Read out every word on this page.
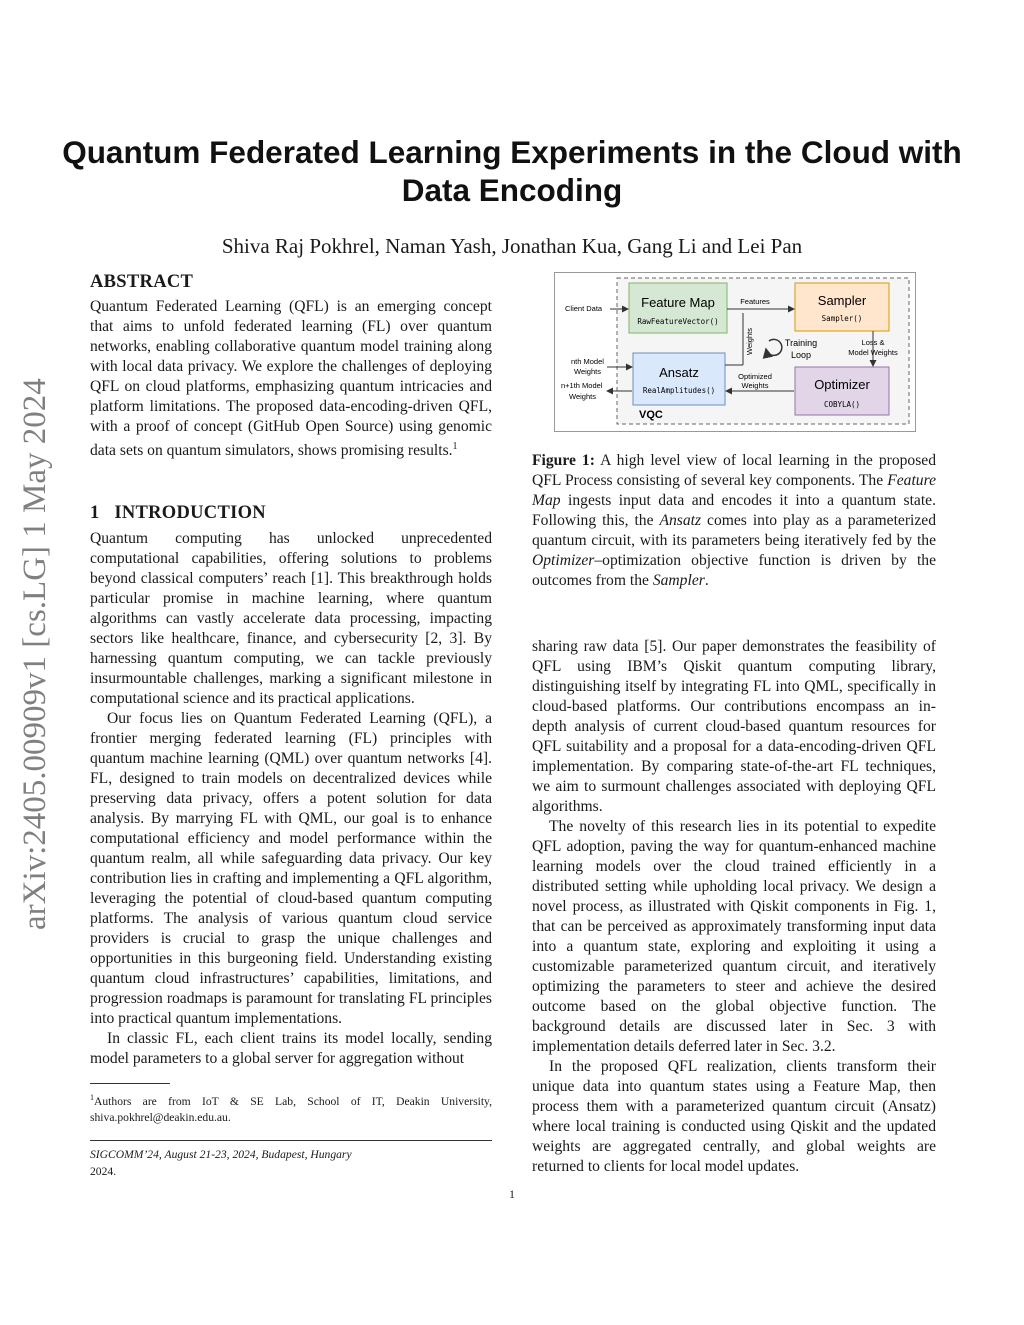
Quantum Federated Learning Experiments in the Cloud with Data Encoding
Shiva Raj Pokhrel, Naman Yash, Jonathan Kua, Gang Li and Lei Pan
arXiv:2405.00909v1 [cs.LG] 1 May 2024
ABSTRACT

Quantum Federated Learning (QFL) is an emerging concept that aims to unfold federated learning (FL) over quantum networks, enabling collaborative quantum model training along with local data privacy. We explore the challenges of deploying QFL on cloud platforms, emphasizing quantum intricacies and platform limitations. The proposed data-encoding-driven QFL, with a proof of concept (GitHub Open Source) using genomic data sets on quantum simulators, shows promising results.$^1$

1   INTRODUCTION

Quantum computing has unlocked unprecedented computational capabilities, offering solutions to problems beyond classical computers’ reach [1]. This breakthrough holds particular promise in machine learning, where quantum algorithms can vastly accelerate data processing, impacting sectors like healthcare, finance, and cybersecurity [2, 3]. By harnessing quantum computing, we can tackle previously insurmountable challenges, marking a significant milestone in computational science and its practical applications.

Our focus lies on Quantum Federated Learning (QFL), a frontier merging federated learning (FL) principles with quantum machine learning (QML) over quantum networks [4]. FL, designed to train models on decentralized devices while preserving data privacy, offers a potent solution for data analysis. By marrying FL with QML, our goal is to enhance computational efficiency and model performance within the quantum realm, all while safeguarding data privacy. Our key contribution lies in crafting and implementing a QFL algorithm, leveraging the potential of cloud-based quantum computing platforms. The analysis of various quantum cloud service providers is crucial to grasp the unique challenges and opportunities in this burgeoning field. Understanding existing quantum cloud infrastructures’ capabilities, limitations, and progression roadmaps is paramount for translating FL principles into practical quantum implementations.

In classic FL, each client trains its model locally, sending model parameters to a global server for aggregation without

$^1$Authors are from IoT & SE Lab, School of IT, Deakin University, shiva.pokhrel@deakin.edu.au.
SIGCOMM’24, August 21-23, 2024, Budapest, Hungary
2024.
VQC
Feature Map
RawFeatureVector()
Sampler
Sampler()
Ansatz
RealAmplitudes()	Optimizer
COBYLA()
Client Data
nth Model
Weights
n+1th Model
Weights
Features
Weights	Training
Loop
Loss &
Model Weights
Optimized
Weights

Figure 1: A high level view of local learning in the proposed QFL Process consisting of several key components. The Feature Map ingests input data and encodes it into a quantum state. Following this, the Ansatz comes into play as a parameterized quantum circuit, with its parameters being iteratively fed by the Optimizer–optimization objective function is driven by the outcomes from the Sampler.

sharing raw data [5]. Our paper demonstrates the feasibility of QFL using IBM’s Qiskit quantum computing library, distinguishing itself by integrating FL into QML, specifically in cloud-based platforms. Our contributions encompass an in-depth analysis of current cloud-based quantum resources for QFL suitability and a proposal for a data-encoding-driven QFL implementation. By comparing state-of-the-art FL techniques, we aim to surmount challenges associated with deploying QFL algorithms.

The novelty of this research lies in its potential to expedite QFL adoption, paving the way for quantum-enhanced machine learning models over the cloud trained efficiently in a distributed setting while upholding local privacy. We design a novel process, as illustrated with Qiskit components in Fig. 1, that can be perceived as approximately transforming input data into a quantum state, exploring and exploiting it using a customizable parameterized quantum circuit, and iteratively optimizing the parameters to steer and achieve the desired outcome based on the global objective function. The background details are discussed later in Sec. 3 with implementation details deferred later in Sec. 3.2.

In the proposed QFL realization, clients transform their unique data into quantum states using a Feature Map, then process them with a parameterized quantum circuit (Ansatz) where local training is conducted using Qiskit and the updated weights are aggregated centrally, and global weights are returned to clients for local model updates.

1
